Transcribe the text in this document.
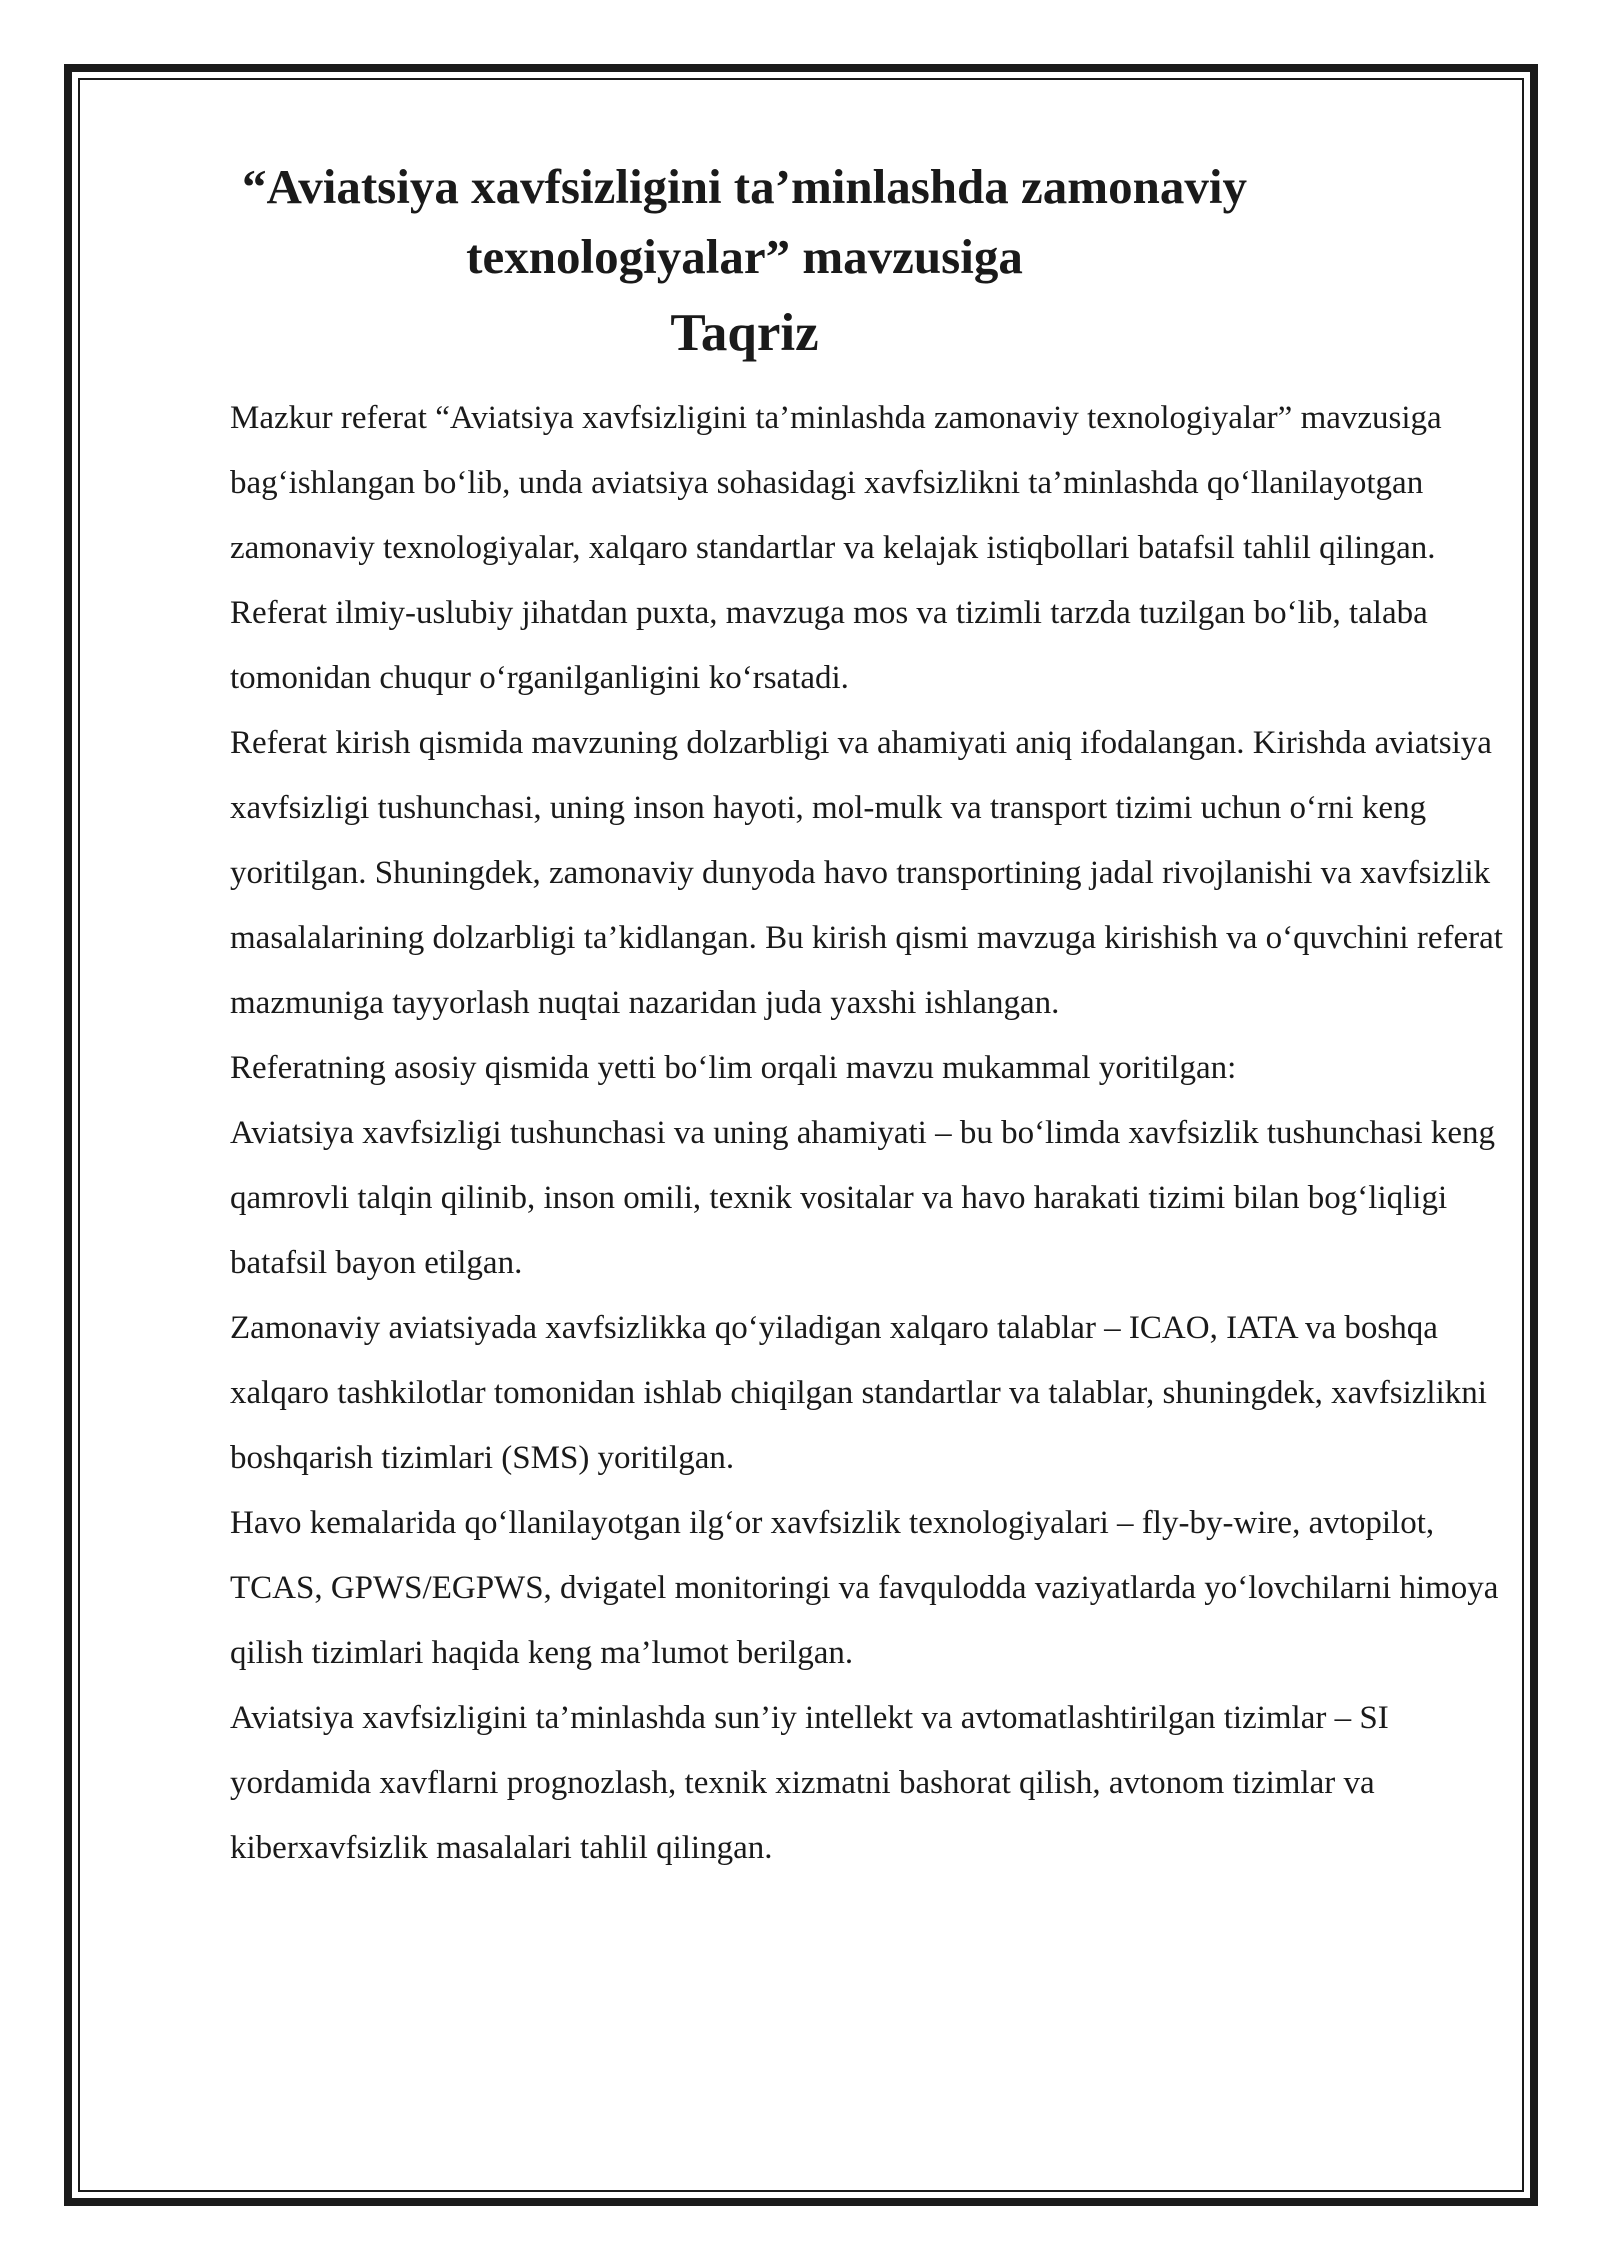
“Aviatsiya xavfsizligini ta’minlashda zamonaviy texnologiyalar” mavzusiga
Taqriz

Mazkur referat “Aviatsiya xavfsizligini ta’minlashda zamonaviy texnologiyalar” mavzusiga bag‘ishlangan bo‘lib, unda aviatsiya sohasidagi xavfsizlikni ta’minlashda qo‘llanilayotgan zamonaviy texnologiyalar, xalqaro standartlar va kelajak istiqbollari batafsil tahlil qilingan. Referat ilmiy-uslubiy jihatdan puxta, mavzuga mos va tizimli tarzda tuzilgan bo‘lib, talaba tomonidan chuqur o‘rganilganligini ko‘rsatadi.

Referat kirish qismida mavzuning dolzarbligi va ahamiyati aniq ifodalangan. Kirishda aviatsiya xavfsizligi tushunchasi, uning inson hayoti, mol-mulk va transport tizimi uchun o‘rni keng yoritilgan. Shuningdek, zamonaviy dunyoda havo transportining jadal rivojlanishi va xavfsizlik masalalarining dolzarbligi ta’kidlangan. Bu kirish qismi mavzuga kirishish va o‘quvchini referat mazmuniga tayyorlash nuqtai nazaridan juda yaxshi ishlangan.

Referatning asosiy qismida yetti bo‘lim orqali mavzu mukammal yoritilgan:

Aviatsiya xavfsizligi tushunchasi va uning ahamiyati – bu bo‘limda xavfsizlik tushunchasi keng qamrovli talqin qilinib, inson omili, texnik vositalar va havo harakati tizimi bilan bog‘liqligi batafsil bayon etilgan.

Zamonaviy aviatsiyada xavfsizlikka qo‘yiladigan xalqaro talablar – ICAO, IATA va boshqa xalqaro tashkilotlar tomonidan ishlab chiqilgan standartlar va talablar, shuningdek, xavfsizlikni boshqarish tizimlari (SMS) yoritilgan.

Havo kemalarida qo‘llanilayotgan ilg‘or xavfsizlik texnologiyalari – fly-by-wire, avtopilot, TCAS, GPWS/EGPWS, dvigatel monitoringi va favqulodda vaziyatlarda yo‘lovchilarni himoya qilish tizimlari haqida keng ma’lumot berilgan.

Aviatsiya xavfsizligini ta’minlashda sun’iy intellekt va avtomatlashtirilgan tizimlar – SI yordamida xavflarni prognozlash, texnik xizmatni bashorat qilish, avtonom tizimlar va kiberxavfsizlik masalalari tahlil qilingan.
